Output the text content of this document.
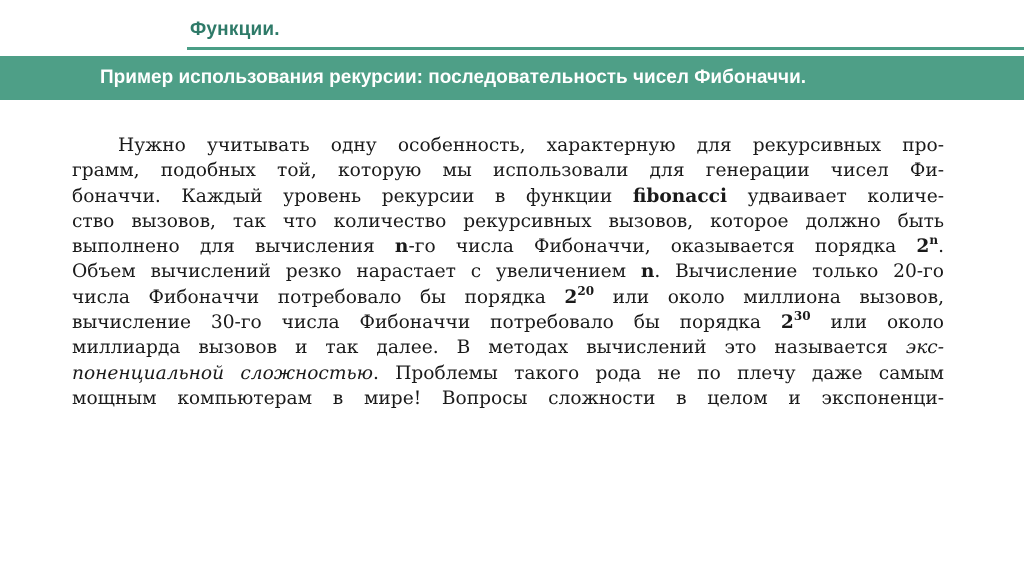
Функции.
Пример использования рекурсии: последовательность чисел Фибоначчи.
Нужно учитывать одну особенность, характерную для рекурсивных про-
грамм, подобных той, которую мы использовали для генерации чисел Фи-
боначчи. Каждый уровень рекурсии в функции fibonacci удваивает количе-
ство вызовов, так что количество рекурсивных вызовов, которое должно быть
выполнено для вычисления n-го числа Фибоначчи, оказывается порядка 2$^n$.
Объем вычислений резко нарастает с увеличением n. Вычисление только 20-го
числа Фибоначчи потребовало бы порядка $2^{20}$ или около миллиона вызовов,
вычисление 30-го числа Фибоначчи потребовало бы порядка $2^{30}$ или около
миллиарда вызовов и так далее. В методах вычислений это называется экс-
поненциальной сложностью. Проблемы такого рода не по плечу даже самым
мощным компьютерам в мире! Вопросы сложности в целом и экспоненци-
